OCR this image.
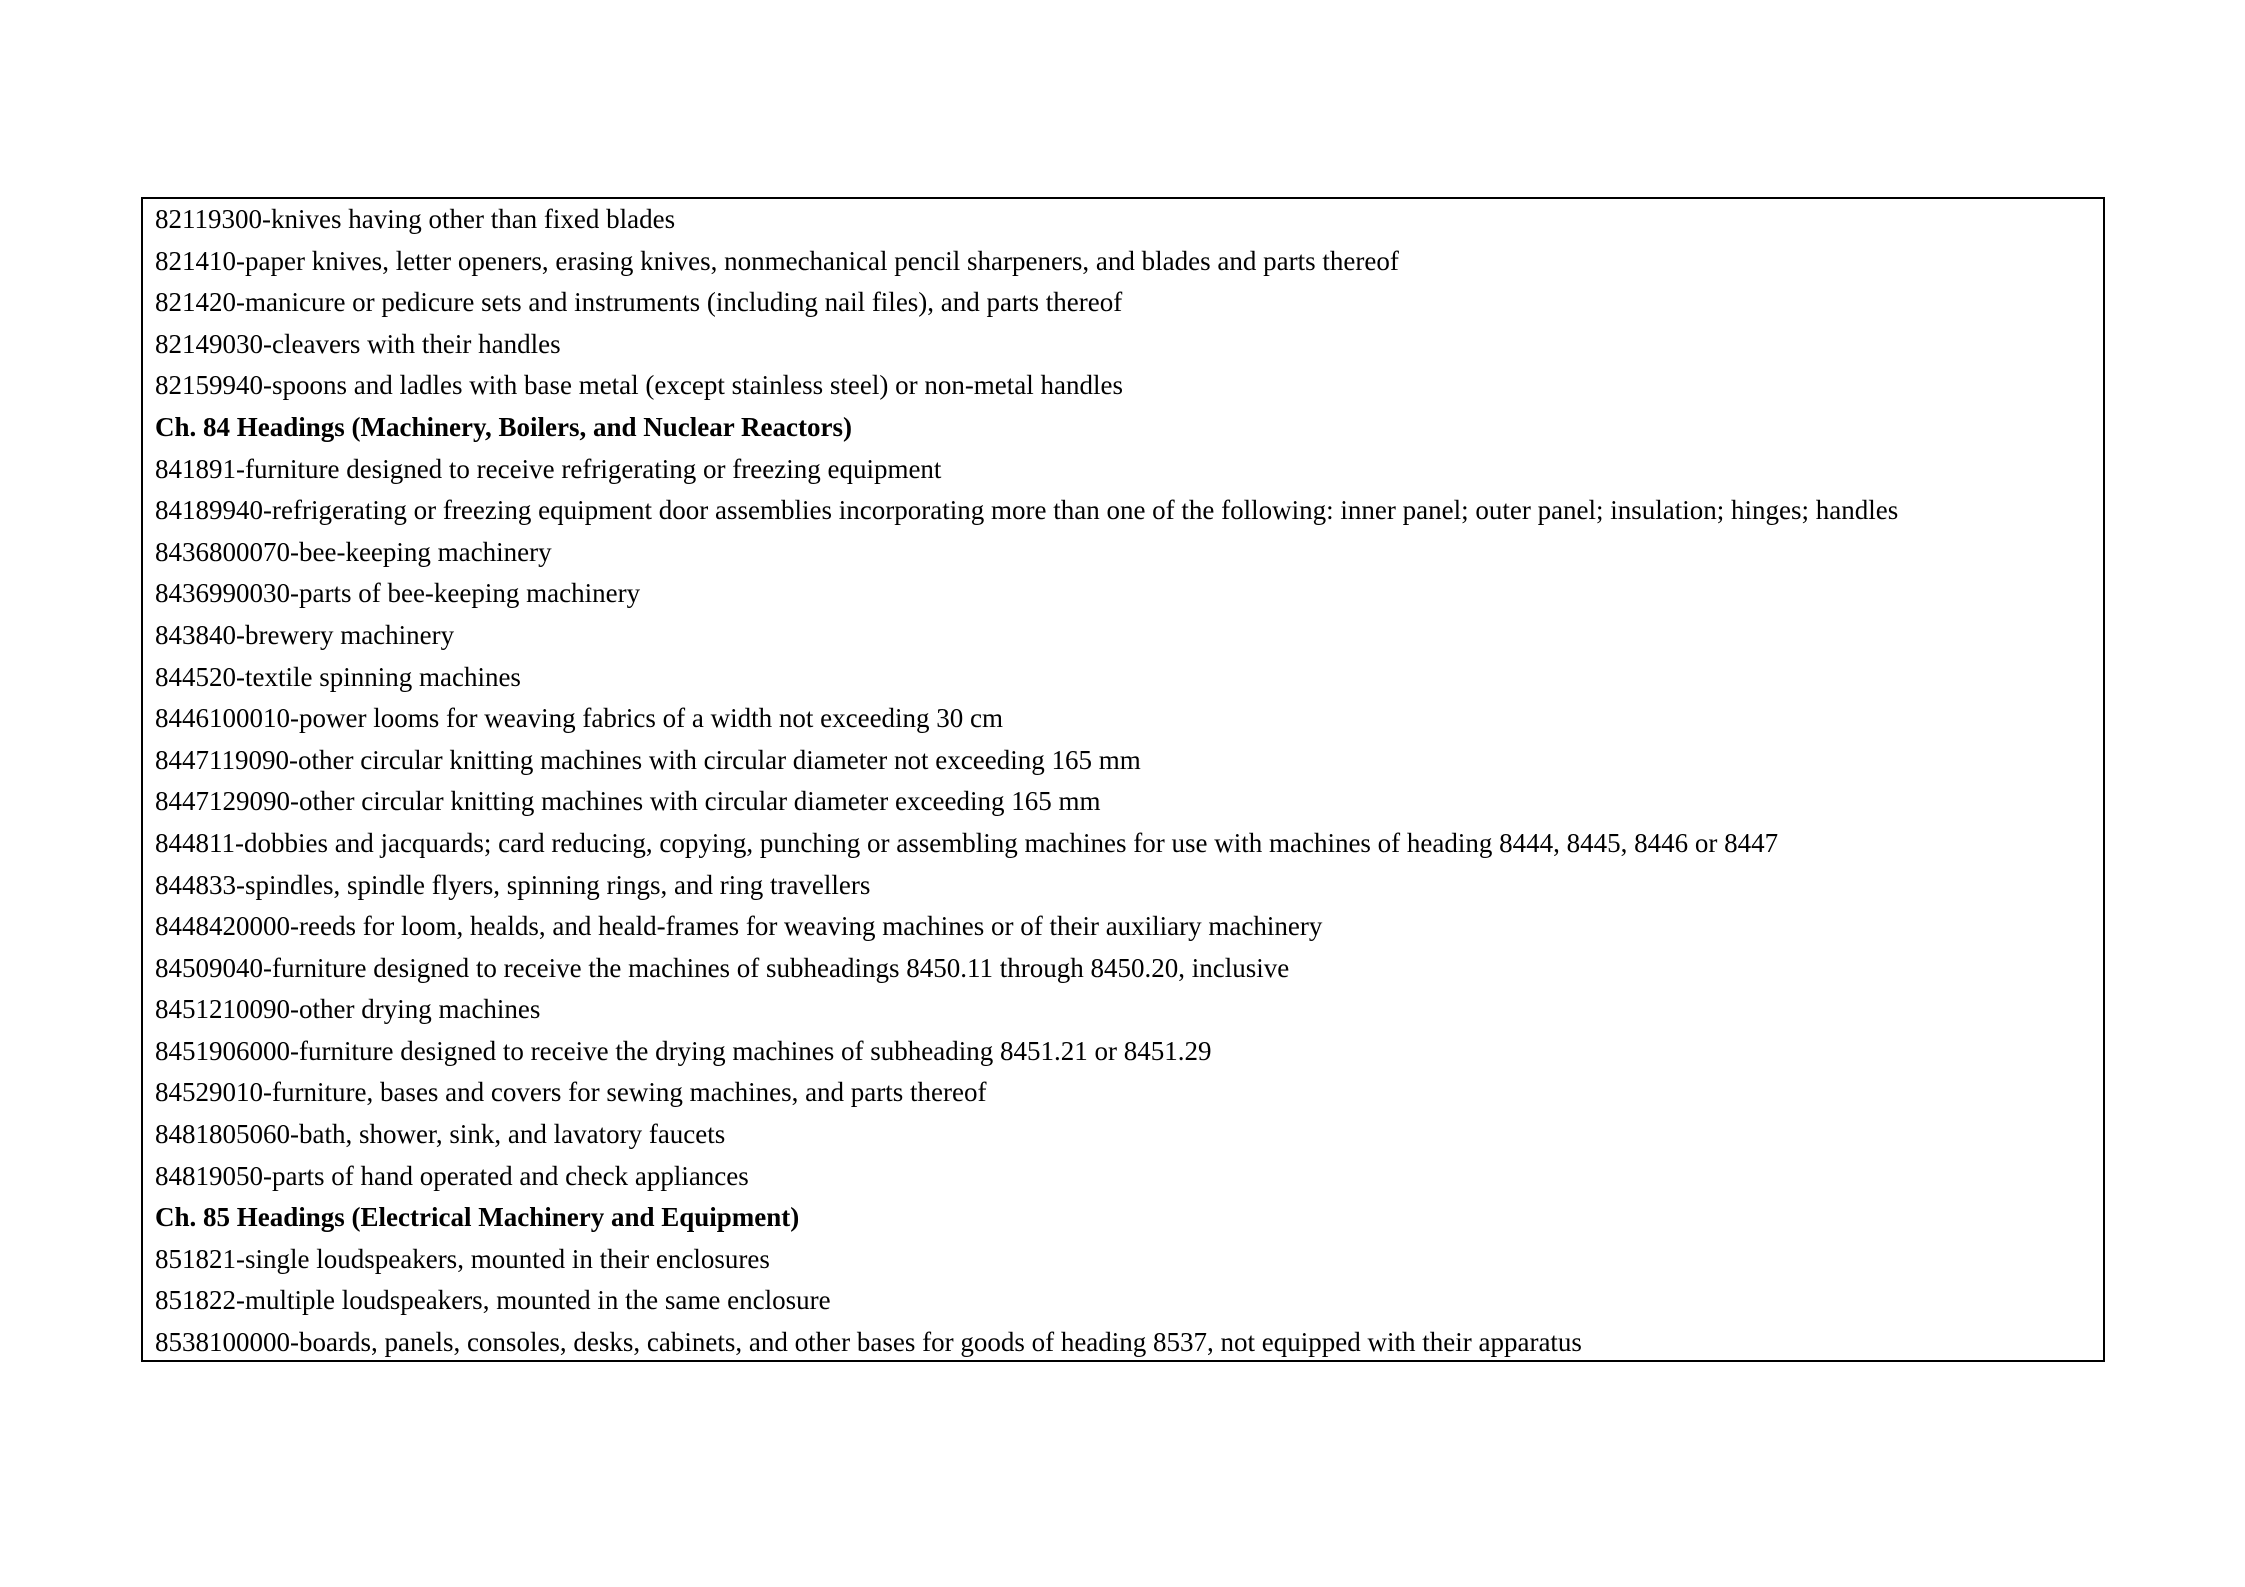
82119300-knives having other than fixed blades
821410-paper knives, letter openers, erasing knives, nonmechanical pencil sharpeners, and blades and parts thereof
821420-manicure or pedicure sets and instruments (including nail files), and parts thereof
82149030-cleavers with their handles
82159940-spoons and ladles with base metal (except stainless steel) or non-metal handles
Ch. 84 Headings (Machinery, Boilers, and Nuclear Reactors)
841891-furniture designed to receive refrigerating or freezing equipment
84189940-refrigerating or freezing equipment door assemblies incorporating more than one of the following: inner panel; outer panel; insulation; hinges; handles
8436800070-bee-keeping machinery
8436990030-parts of bee-keeping machinery
843840-brewery machinery
844520-textile spinning machines
8446100010-power looms for weaving fabrics of a width not exceeding 30 cm
8447119090-other circular knitting machines with circular diameter not exceeding 165 mm
8447129090-other circular knitting machines with circular diameter exceeding 165 mm
844811-dobbies and jacquards; card reducing, copying, punching or assembling machines for use with machines of heading 8444, 8445, 8446 or 8447
844833-spindles, spindle flyers, spinning rings, and ring travellers
8448420000-reeds for loom, healds, and heald-frames for weaving machines or of their auxiliary machinery
84509040-furniture designed to receive the machines of subheadings 8450.11 through 8450.20, inclusive
8451210090-other drying machines
8451906000-furniture designed to receive the drying machines of subheading 8451.21 or 8451.29
84529010-furniture, bases and covers for sewing machines, and parts thereof
8481805060-bath, shower, sink, and lavatory faucets
84819050-parts of hand operated and check appliances
Ch. 85 Headings (Electrical Machinery and Equipment)
851821-single loudspeakers, mounted in their enclosures
851822-multiple loudspeakers, mounted in the same enclosure
8538100000-boards, panels, consoles, desks, cabinets, and other bases for goods of heading 8537, not equipped with their apparatus
